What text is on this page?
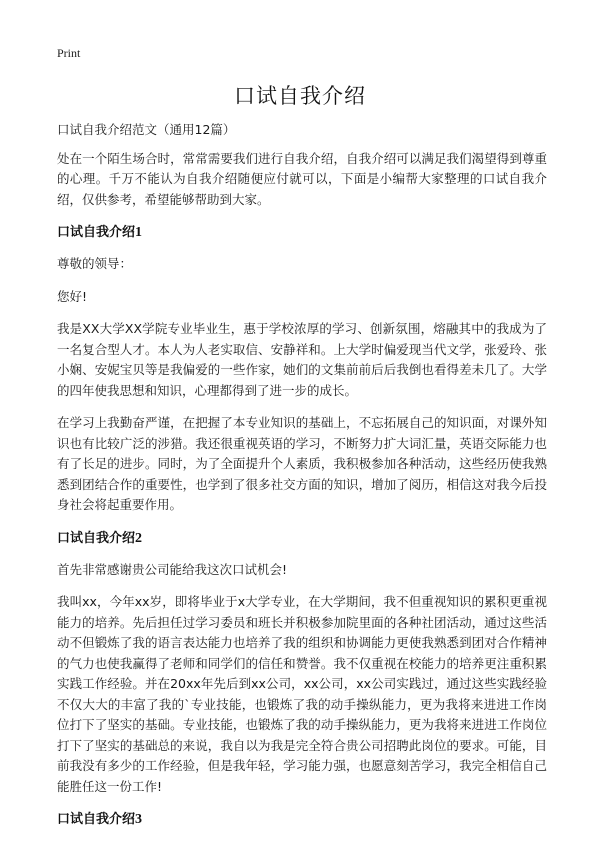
Print
口试自我介绍

口试自我介绍范文（通用12篇）

处在一个陌生场合时，常常需要我们进行自我介绍，自我介绍可以满足我们渴望得到尊重的心理。千万不能认为自我介绍随便应付就可以，下面是小编帮大家整理的口试自我介绍，仅供参考，希望能够帮助到大家。

口试自我介绍1

尊敬的领导：

您好!

我是XX大学XX学院专业毕业生，惠于学校浓厚的学习、创新氛围，熔融其中的我成为了一名复合型人才。本人为人老实取信、安静祥和。上大学时偏爱现当代文学，张爱玲、张小娴、安妮宝贝等是我偏爱的一些作家，她们的文集前前后后我倒也看得差未几了。大学的四年使我思想和知识，心理都得到了进一步的成长。

在学习上我勤奋严谨，在把握了本专业知识的基础上，不忘拓展自己的知识面，对课外知识也有比较广泛的涉猎。我还很重视英语的学习，不断努力扩大词汇量，英语交际能力也有了长足的进步。同时，为了全面提升个人素质，我积极参加各种活动，这些经历使我熟悉到团结合作的重要性，也学到了很多社交方面的知识，增加了阅历，相信这对我今后投身社会将起重要作用。

口试自我介绍2

首先非常感谢贵公司能给我这次口试机会!

我叫xx，今年xx岁，即将毕业于x大学专业，在大学期间，我不但重视知识的累积更重视能力的培养。先后担任过学习委员和班长并积极参加院里面的各种社团活动，通过这些活动不但锻炼了我的语言表达能力也培养了我的组织和协调能力更使我熟悉到团对合作精神的气力也使我赢得了老师和同学们的信任和赞誉。我不仅重视在校能力的培养更注重积累实践工作经验。并在20xx年先后到xx公司，xx公司，xx公司实践过，通过这些实践经验不仅大大的丰富了我的`专业技能，也锻炼了我的动手操纵能力，更为我将来进进工作岗位打下了坚实的基础。专业技能，也锻炼了我的动手操纵能力，更为我将来进进工作岗位打下了坚实的基础总的来说，我自以为我是完全符合贵公司招聘此岗位的要求。可能，目前我没有多少的工作经验，但是我年轻，学习能力强，也愿意刻苦学习，我完全相信自己能胜任这一份工作!

口试自我介绍3
